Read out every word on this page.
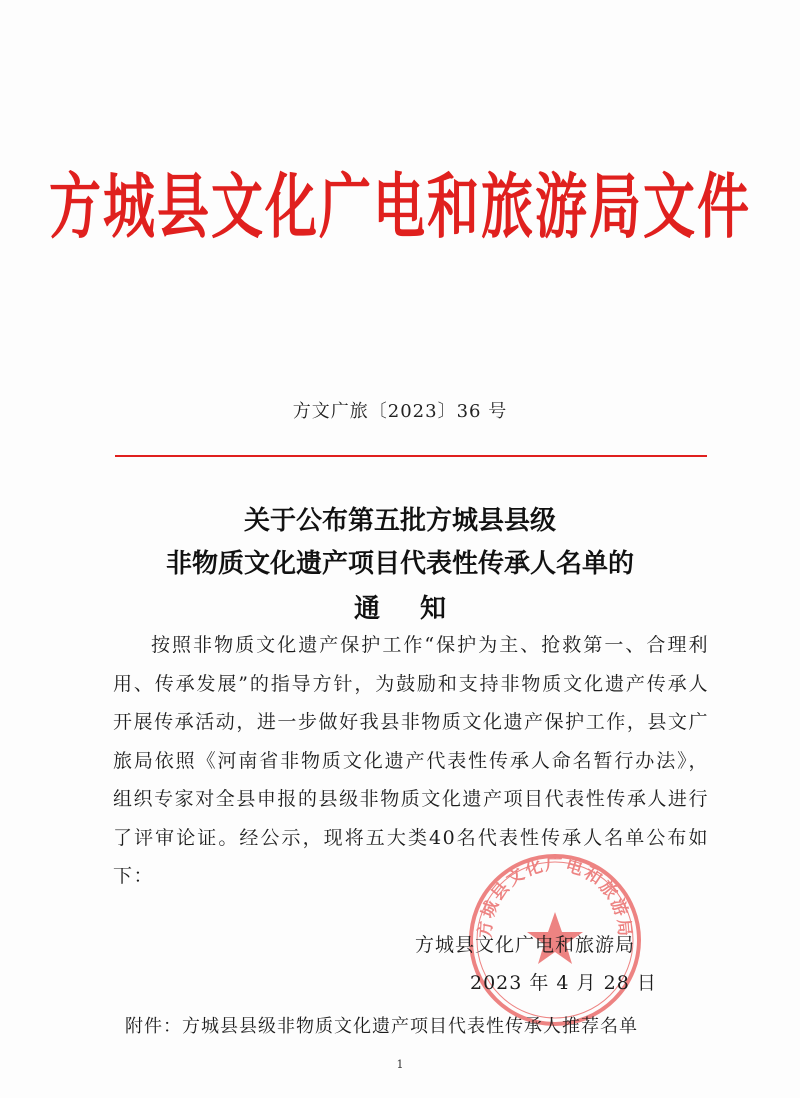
方城县文化广电和旅游局文件
方文广旅〔2023〕36 号
关于公布第五批方城县县级
非物质文化遗产项目代表性传承人名单的
通知

按照非物质文化遗产保护工作“保护为主、抢救第一、合理利用、传承发展”的指导方针，为鼓励和支持非物质文化遗产传承人开展传承活动，进一步做好我县非物质文化遗产保护工作，县文广旅局依照《河南省非物质文化遗产代表性传承人命名暂行办法》，组织专家对全县申报的县级非物质文化遗产项目代表性传承人进行了评审论证。经公示，现将五大类40名代表性传承人名单公布如下：

方城县文化广电和旅游局
方城县文化广电和旅游局
2023 年 4 月 28 日
附件：方城县县级非物质文化遗产项目代表性传承人推荐名单
1
